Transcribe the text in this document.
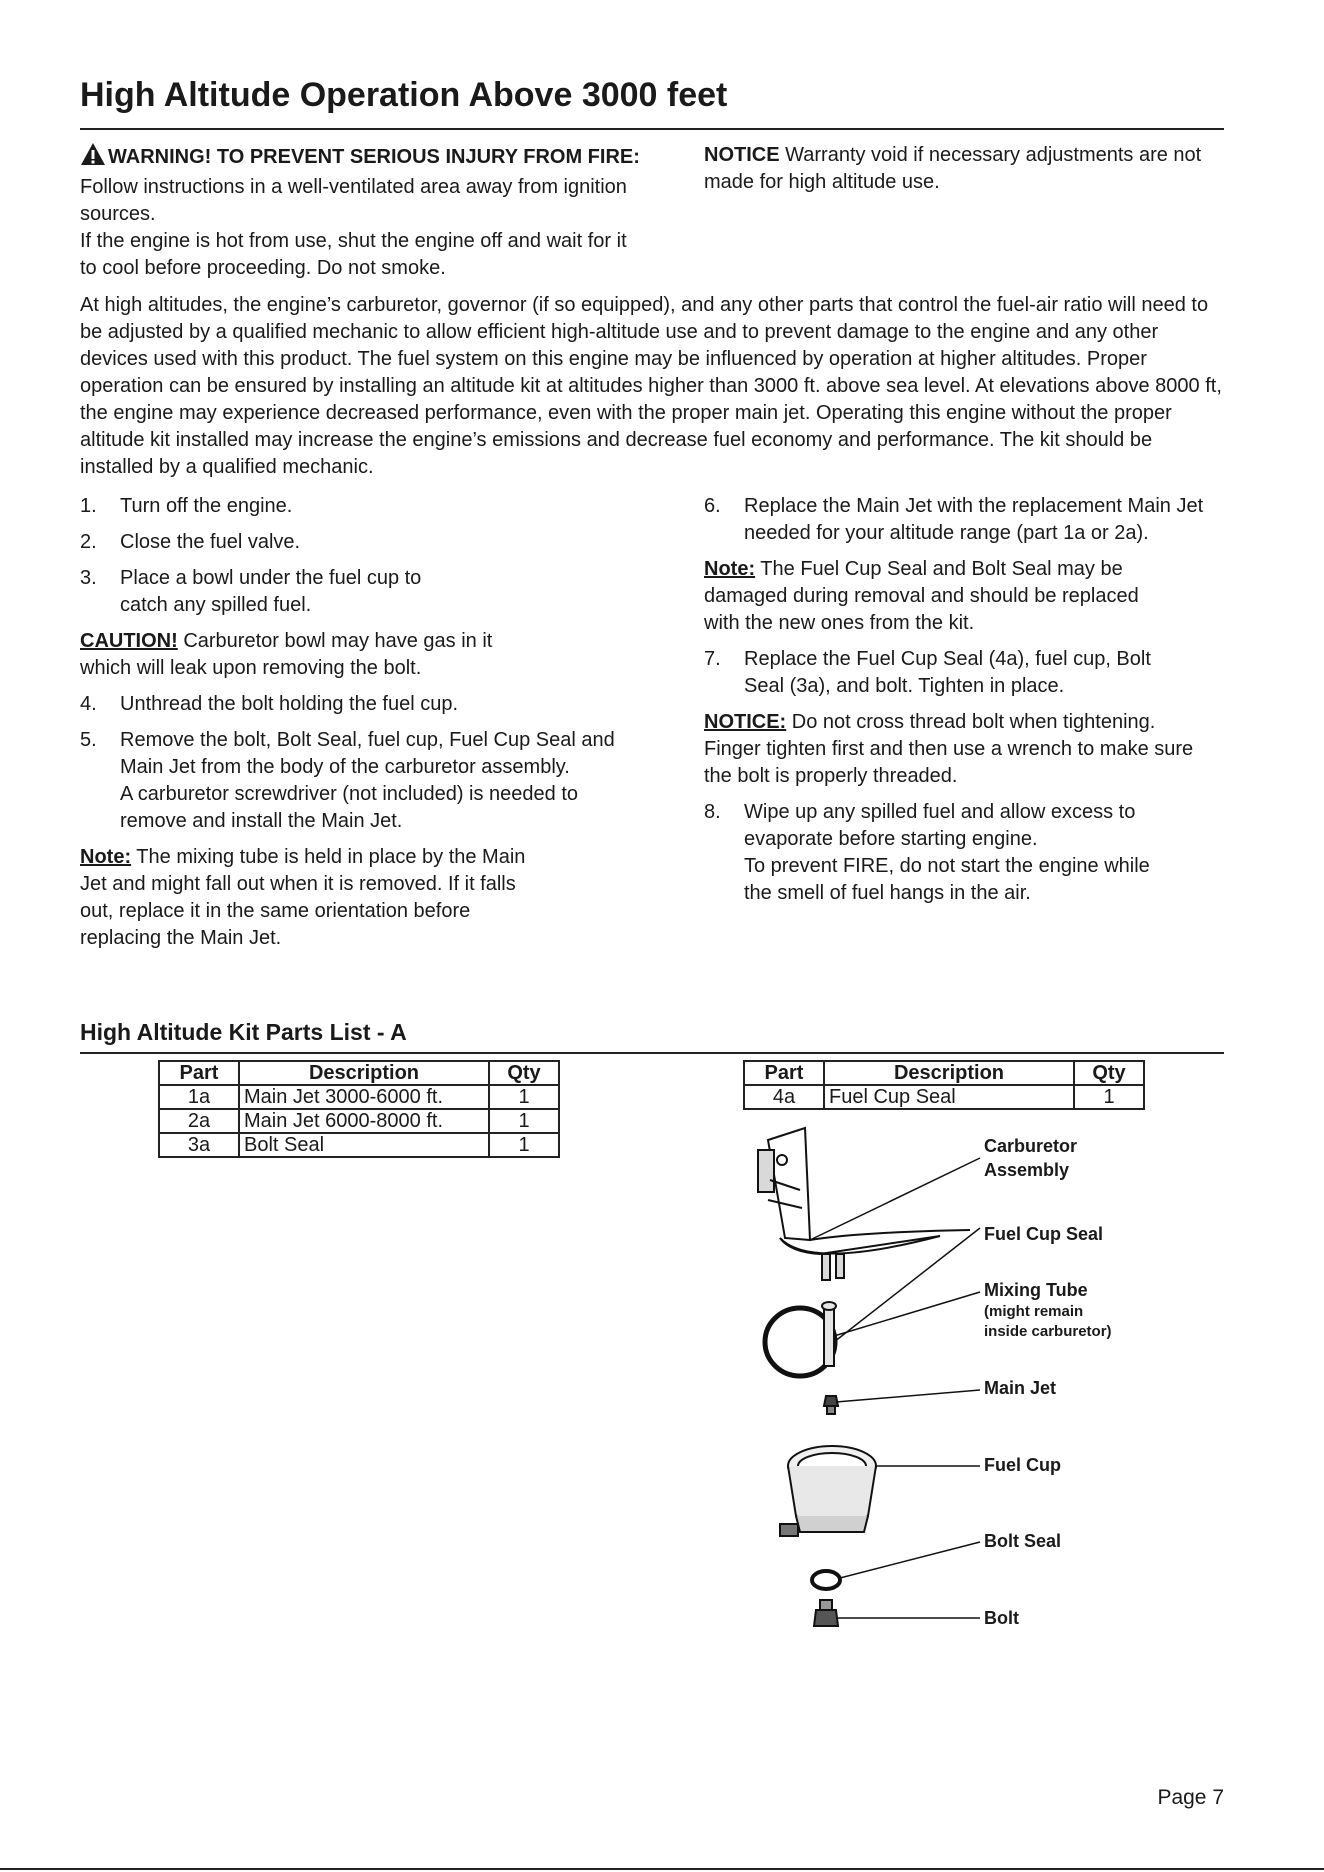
High Altitude Operation Above 3000 feet
WARNING! TO PREVENT SERIOUS INJURY FROM FIRE:

Follow instructions in a well-ventilated area away from ignition sources.

If the engine is hot from use, shut the engine off and wait for it to cool before proceeding. Do not smoke.

NOTICE Warranty void if necessary adjustments are not made for high altitude use.

At high altitudes, the engine’s carburetor, governor (if so equipped), and any other parts that control the fuel-air ratio will need to be adjusted by a qualified mechanic to allow efficient high-altitude use and to prevent damage to the engine and any other devices used with this product. The fuel system on this engine may be influenced by operation at higher altitudes. Proper operation can be ensured by installing an altitude kit at altitudes higher than 3000 ft. above sea level. At elevations above 8000 ft, the engine may experience decreased performance, even with the proper main jet. Operating this engine without the proper altitude kit installed may increase the engine’s emissions and decrease fuel economy and performance. The kit should be installed by a qualified mechanic.

1.	Turn off the engine.
2.	Close the fuel valve.
3.	Place a bowl under the fuel cup to catch any spilled fuel.
CAUTION! Carburetor bowl may have gas in it which will leak upon removing the bolt.
4.	Unthread the bolt holding the fuel cup.
5.	Remove the bolt, Bolt Seal, fuel cup, Fuel Cup Seal and Main Jet from the body of the carburetor assembly.
A carburetor screwdriver (not included) is needed to remove and install the Main Jet.
Note: The mixing tube is held in place by the Main Jet and might fall out when it is removed. If it falls out, replace it in the same orientation before replacing the Main Jet.
6.	Replace the Main Jet with the replacement Main Jet needed for your altitude range (part 1a or 2a).
Note: The Fuel Cup Seal and Bolt Seal may be damaged during removal and should be replaced with the new ones from the kit.
7.	Replace the Fuel Cup Seal (4a), fuel cup, Bolt Seal (3a), and bolt. Tighten in place.
NOTICE: Do not cross thread bolt when tightening. Finger tighten first and then use a wrench to make sure the bolt is properly threaded.
8.	Wipe up any spilled fuel and allow excess to evaporate before starting engine.
To prevent FIRE, do not start the engine while the smell of fuel hangs in the air.
High Altitude Kit Parts List - A
Part	Description	Qty
1a	Main Jet 3000-6000 ft.	1
2a	Main Jet 6000-8000 ft.	1
3a	Bolt Seal	1
Part	Description	Qty
4a	Fuel Cup Seal	1
Carburetor
Assembly
Fuel Cup Seal
Mixing Tube
(might remain
inside carburetor)
Main Jet
Fuel Cup
Bolt Seal
Bolt
Page 7
